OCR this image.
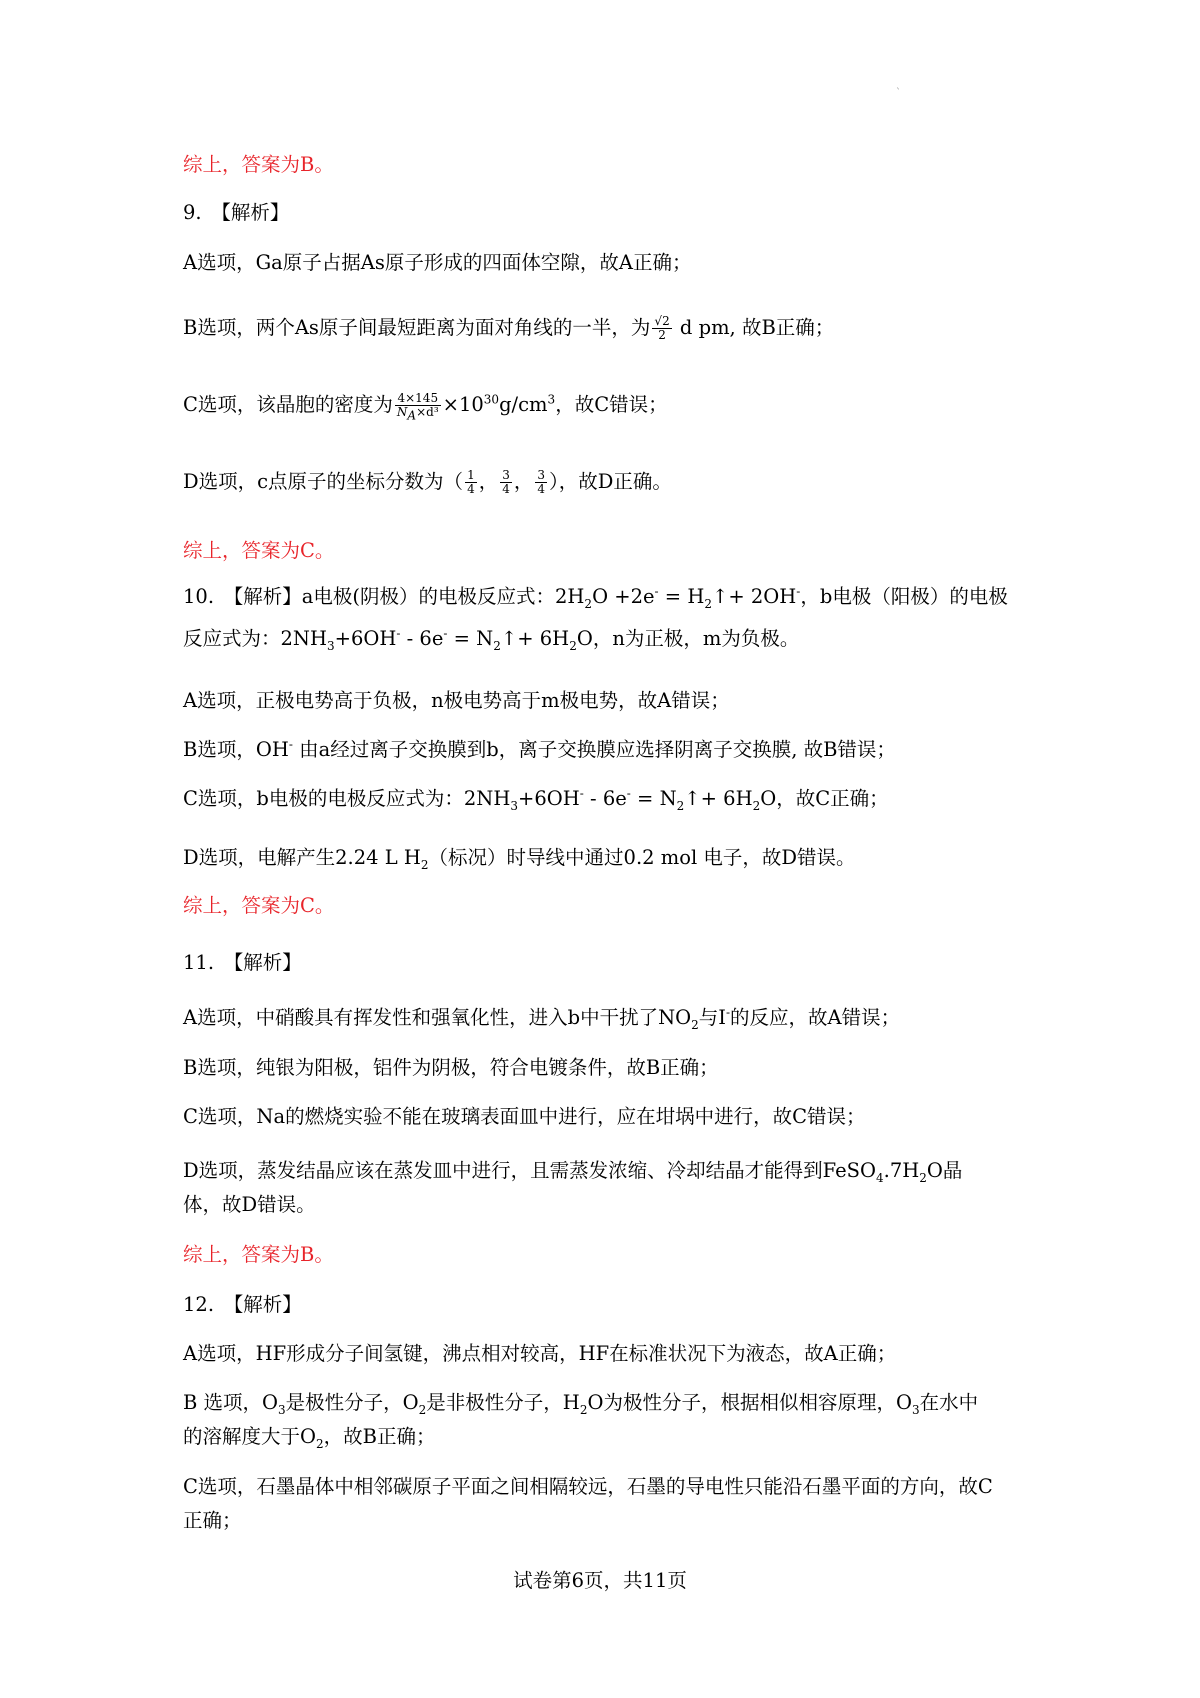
`
综上，答案为B。
9.　【解析】
A选项，Ga原子占据As原子形成的四面体空隙，故A正确；
B选项，两个As原子间最短距离为面对角线的一半，为 $\frac{√2}{2}$ d pm, 故B正确；
C选项，该晶胞的密度为 $\frac{4\times 145}{N_A\times d^3} \times 10^{30}g/cm^3$，故C错误；
D选项，c点原子的坐标分数为（ $\frac{1}{4}$ ， $\frac{3}{4}$ ， $\frac{3}{4}$ ），故D正确。
综上，答案为C。
10.　【解析】a电极(阴极）的电极反应式：$2H_2O +2e^-$ = $H_2↑+ 2OH^-$，b电极（阳极）的电极
反应式为：$2NH_3+6OH^- - 6e^-$ = $N_2↑+ 6H_2O$，n为正极，m为负极。
A选项，正极电势高于负极，n极电势高于m极电势，故A错误；
B选项，OH- 由a经过离子交换膜到b，离子交换膜应选择阴离子交换膜, 故B错误；
C选项，b电极的电极反应式为：$2NH_3+6OH^- - 6e^-$ = $N_2↑+ 6H_2O$，故C正确；
D选项，电解产生2.24 L $H_2$（标况）时导线中通过0.2 mol 电子，故D错误。
综上，答案为C。
11.　【解析】
A选项，中硝酸具有挥发性和强氧化性，进入b中干扰了$NO_2$与I-的反应，故A错误；
B选项，纯银为阳极，铝件为阴极，符合电镀条件，故B正确；
C选项，Na的燃烧实验不能在玻璃表面皿中进行，应在坩埚中进行，故C错误；
D选项，蒸发结晶应该在蒸发皿中进行，且需蒸发浓缩、冷却结晶才能得到$FeSO_4.7H_2O$晶
体，故D错误。
综上，答案为B。
12.　【解析】
A选项，HF形成分子间氢键，沸点相对较高，HF在标准状况下为液态，故A正确；
B 选项，$O_3$是极性分子，$O_2$是非极性分子，$H_2O$为极性分子，根据相似相容原理，$O_3$在水中
的溶解度大于$O_2$，故B正确；
C选项，石墨晶体中相邻碳原子平面之间相隔较远，石墨的导电性只能沿石墨平面的方向，故C
正确；
试卷第6页，共11页
